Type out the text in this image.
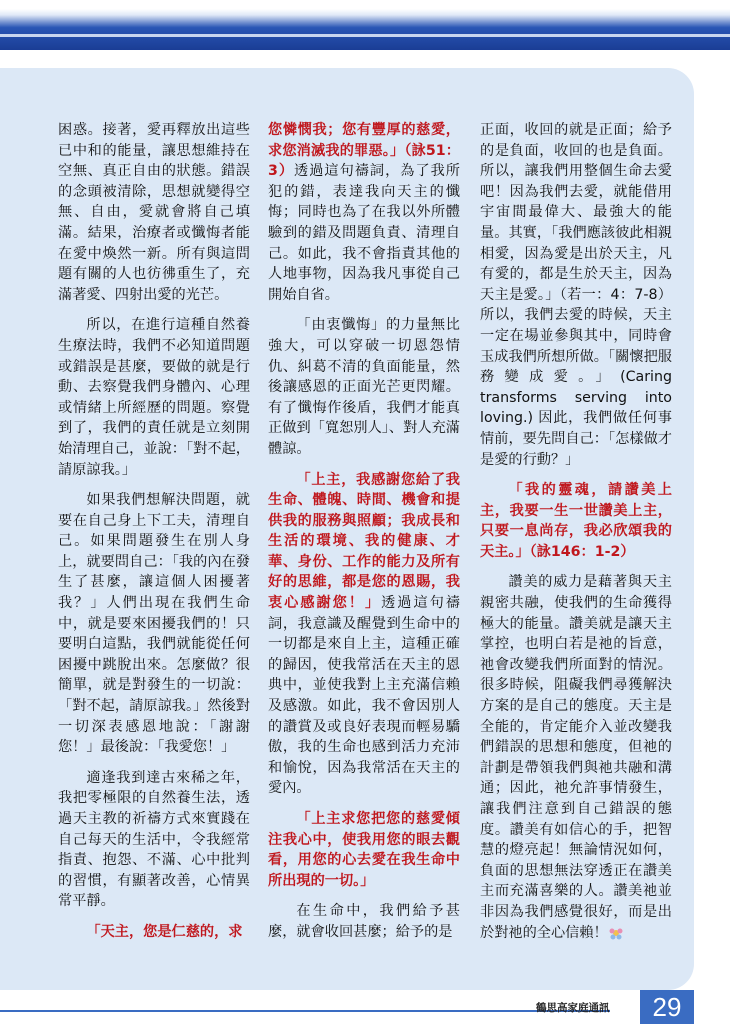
困惑。接著，愛再釋放出這些已中和的能量，讓思想維持在空無、真正自由的狀態。錯誤的念頭被清除，思想就變得空無、自由，愛就會將自己填滿。結果，治療者或懺悔者能在愛中煥然一新。所有與這問題有關的人也彷彿重生了，充滿著愛、四射出愛的光芒。

所以，在進行這種自然養生療法時，我們不必知道問題或錯誤是甚麼，要做的就是行動、去察覺我們身體內、心理或情緒上所經歷的問題。察覺到了，我們的責任就是立刻開始清理自己，並說：「對不起，請原諒我。」

如果我們想解決問題，就要在自己身上下工夫，清理自己。如果問題發生在別人身上，就要問自己：「我的內在發生了甚麼，讓這個人困擾著我？」人們出現在我們生命中，就是要來困擾我們的！只要明白這點，我們就能從任何困擾中跳脫出來。怎麼做？很簡單，就是對發生的一切說：「對不起，請原諒我。」然後對一切深表感恩地說：「謝謝您！」最後說：「我愛您！」

適逢我到達古來稀之年，我把零極限的自然養生法，透過天主教的祈禱方式來實踐在自己每天的生活中，令我經常指責、抱怨、不滿、心中批判的習慣，有顯著改善，心情異常平靜。

「天主，您是仁慈的，求

您憐憫我；您有豐厚的慈愛，求您消滅我的罪惡。」（詠51：3）透過這句禱詞，為了我所犯的錯，表達我向天主的懺悔；同時也為了在我以外所體驗到的錯及問題負責、清理自己。如此，我不會指責其他的人地事物，因為我凡事從自己開始自省。

「由衷懺悔」的力量無比強大，可以穿破一切恩怨情仇、糾葛不清的負面能量，然後讓感恩的正面光芒更閃耀。有了懺悔作後盾，我們才能真正做到「寬恕別人」、對人充滿體諒。

「上主，我感謝您給了我生命、體魄、時間、機會和提供我的服務與照顧；我成長和生活的環境、我的健康、才華、身份、工作的能力及所有好的思維，都是您的恩賜，我衷心感謝您！」透過這句禱詞，我意識及醒覺到生命中的一切都是來自上主，這種正確的歸因，使我常活在天主的恩典中，並使我對上主充滿信賴及感激。如此，我不會因別人的讚賞及或良好表現而輕易驕傲，我的生命也感到活力充沛和愉悅，因為我常活在天主的愛內。

「上主求您把您的慈愛傾注我心中，使我用您的眼去觀看，用您的心去愛在我生命中所出現的一切。」

在生命中，我們給予甚麼，就會收回甚麼；給予的是

正面，收回的就是正面；給予的是負面，收回的也是負面。所以，讓我們用整個生命去愛吧！因為我們去愛，就能借用宇宙間最偉大、最強大的能量。其實，「我們應該彼此相親相愛，因為愛是出於天主，凡有愛的，都是生於天主，因為天主是愛。」（若一：4：7-8）所以，我們去愛的時候，天主一定在場並參與其中，同時會玉成我們所想所做。「關懷把服務變成愛。」(Caring transforms serving into loving.) 因此，我們做任何事情前，要先問自己：「怎樣做才是愛的行動？」

「我的靈魂，請讚美上主，我要一生一世讚美上主，只要一息尚存，我必欣頌我的天主。」（詠146：1-2）

讚美的威力是藉著與天主親密共融，使我們的生命獲得極大的能量。讚美就是讓天主掌控，也明白若是祂的旨意，祂會改變我們所面對的情況。很多時候，阻礙我們尋獲解決方案的是自己的態度。天主是全能的，肯定能介入並改變我們錯誤的思想和態度，但祂的計劃是帶領我們與祂共融和溝通；因此，祂允許事情發生，讓我們注意到自己錯誤的態度。讚美有如信心的手，把智慧的燈亮起！無論情況如何，負面的思想無法穿透正在讚美主而充滿喜樂的人。讚美祂並非因為我們感覺很好，而是出於對祂的全心信賴！

鶴思高家庭通訊	29
